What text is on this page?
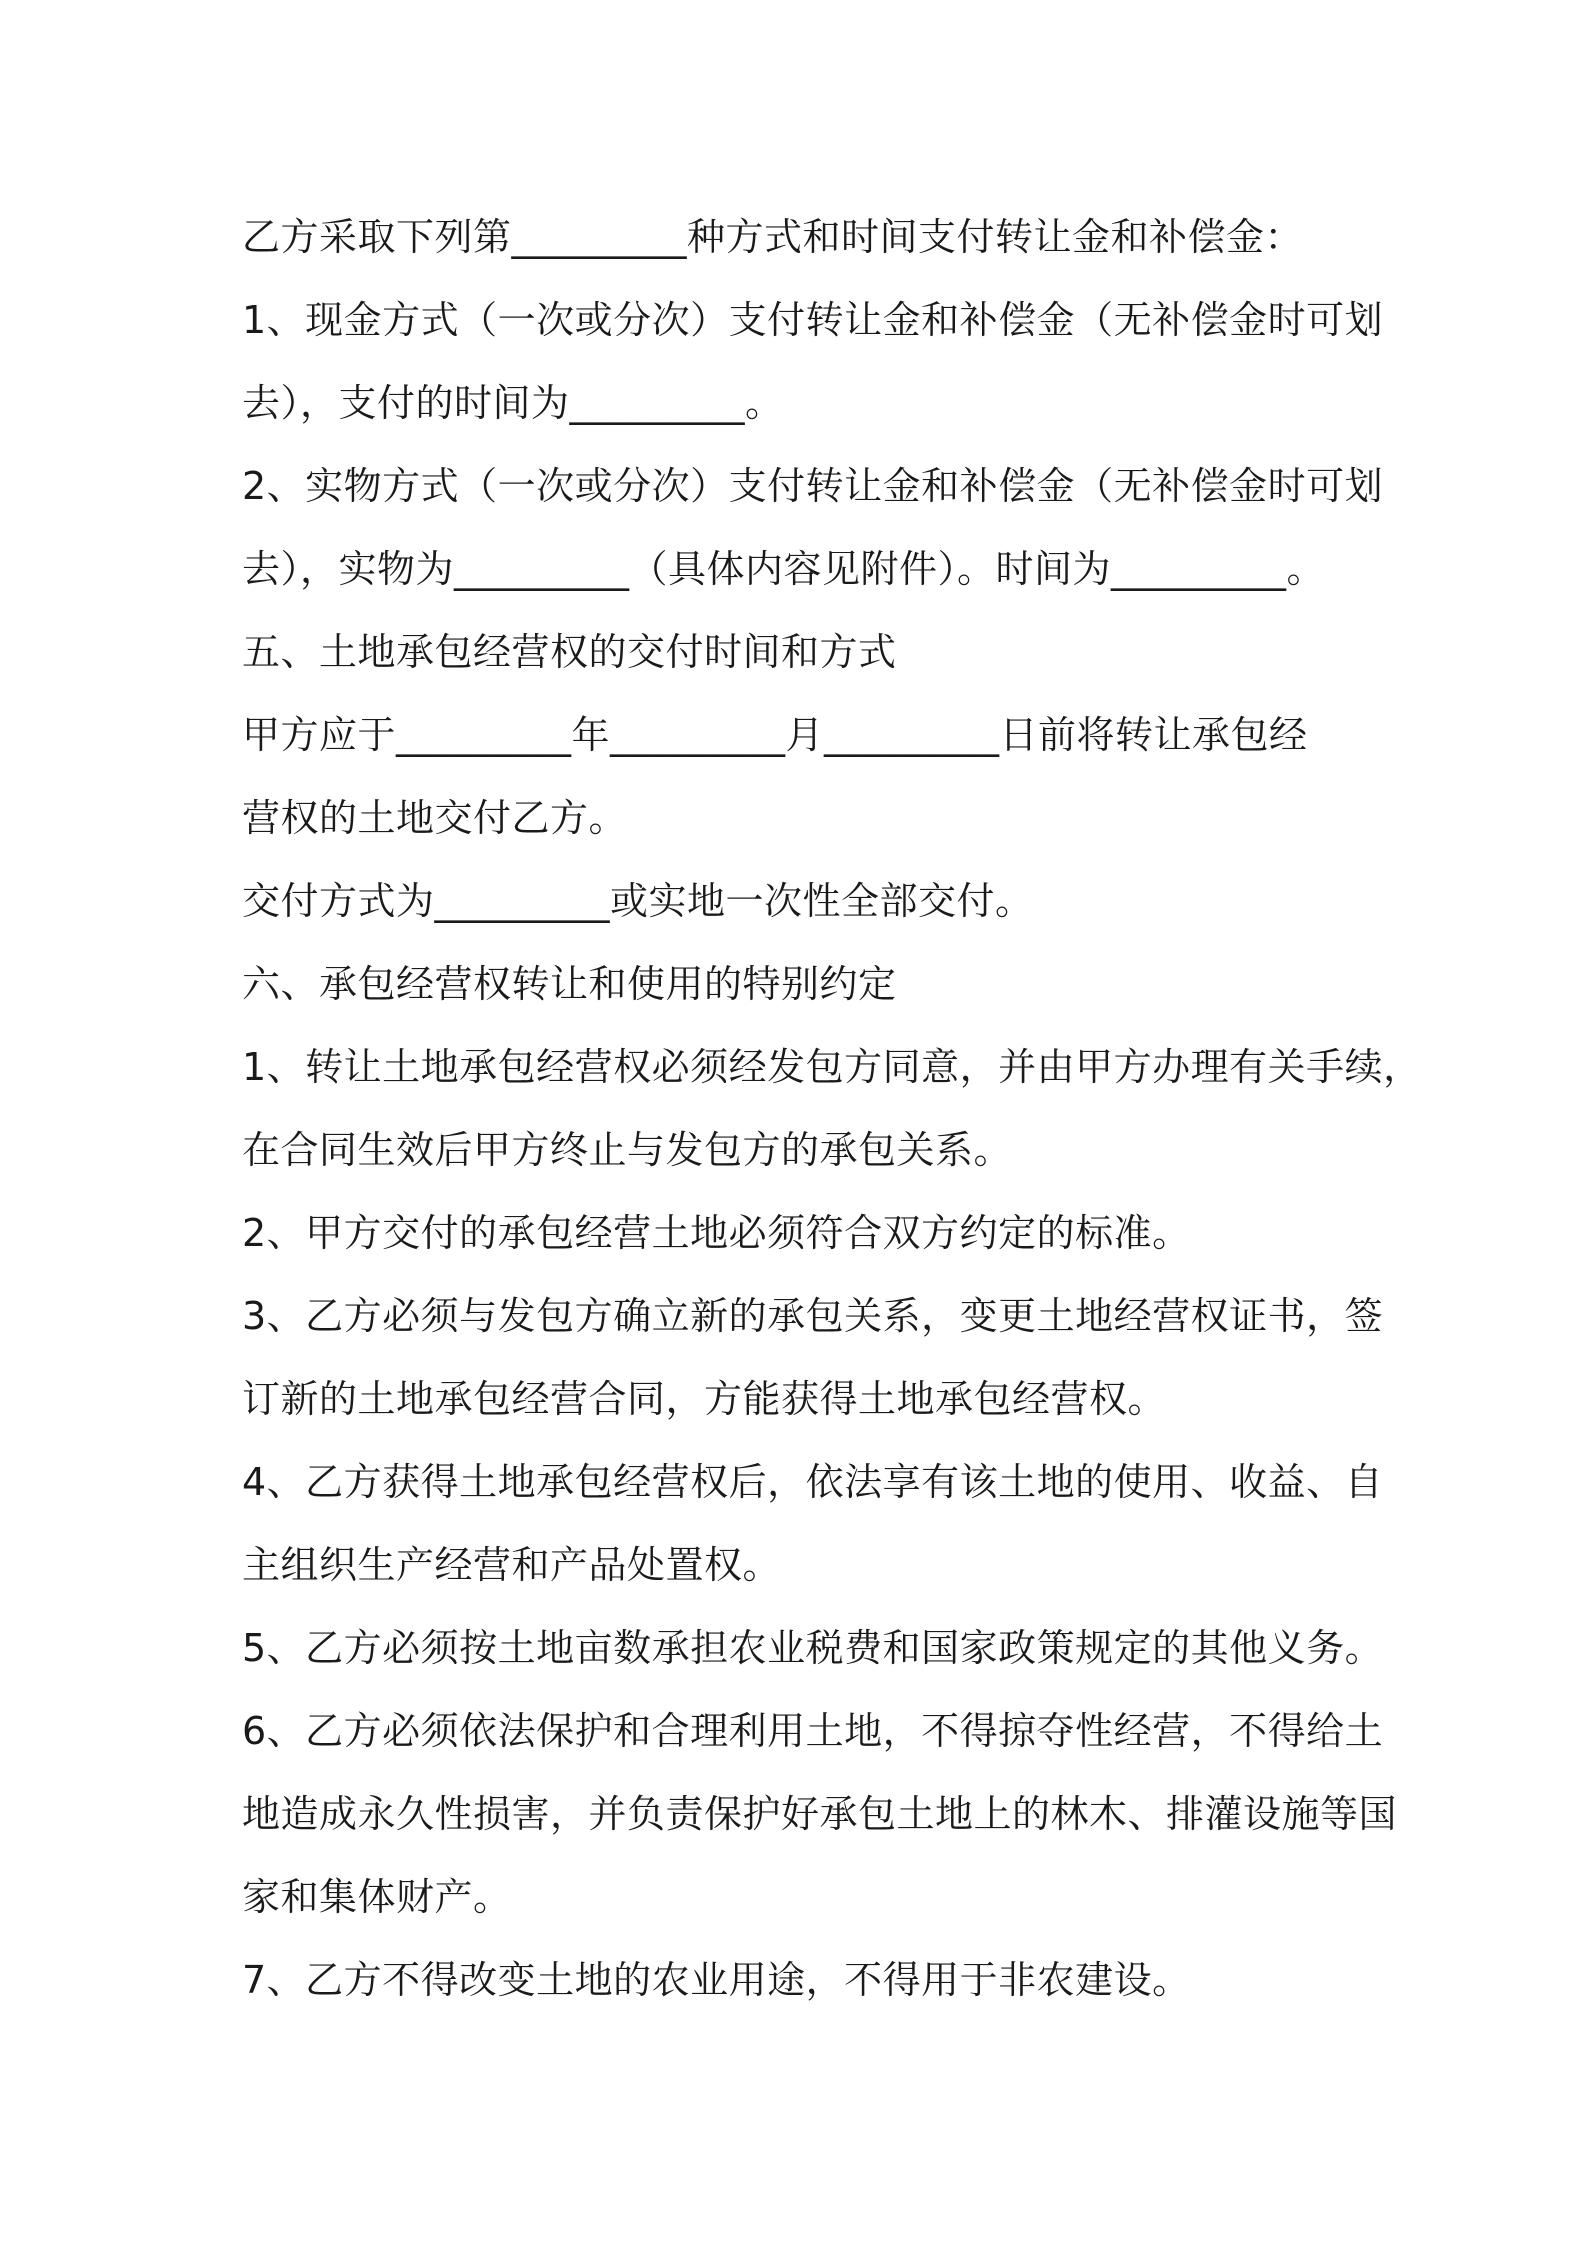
乙方采取下列第_________种方式和时间支付转让金和补偿金：
1、现金方式（一次或分次）支付转让金和补偿金（无补偿金时可划
去），支付的时间为_________。
2、实物方式（一次或分次）支付转让金和补偿金（无补偿金时可划
去），实物为_________（具体内容见附件）。时间为_________。
五、土地承包经营权的交付时间和方式
甲方应于_________年_________月_________日前将转让承包经
营权的土地交付乙方。
交付方式为_________或实地一次性全部交付。
六、承包经营权转让和使用的特别约定
1、转让土地承包经营权必须经发包方同意，并由甲方办理有关手续，
在合同生效后甲方终止与发包方的承包关系。
2、甲方交付的承包经营土地必须符合双方约定的标准。
3、乙方必须与发包方确立新的承包关系，变更土地经营权证书，签
订新的土地承包经营合同，方能获得土地承包经营权。
4、乙方获得土地承包经营权后，依法享有该土地的使用、收益、自
主组织生产经营和产品处置权。
5、乙方必须按土地亩数承担农业税费和国家政策规定的其他义务。
6、乙方必须依法保护和合理利用土地，不得掠夺性经营，不得给土
地造成永久性损害，并负责保护好承包土地上的林木、排灌设施等国
家和集体财产。
7、乙方不得改变土地的农业用途，不得用于非农建设。
